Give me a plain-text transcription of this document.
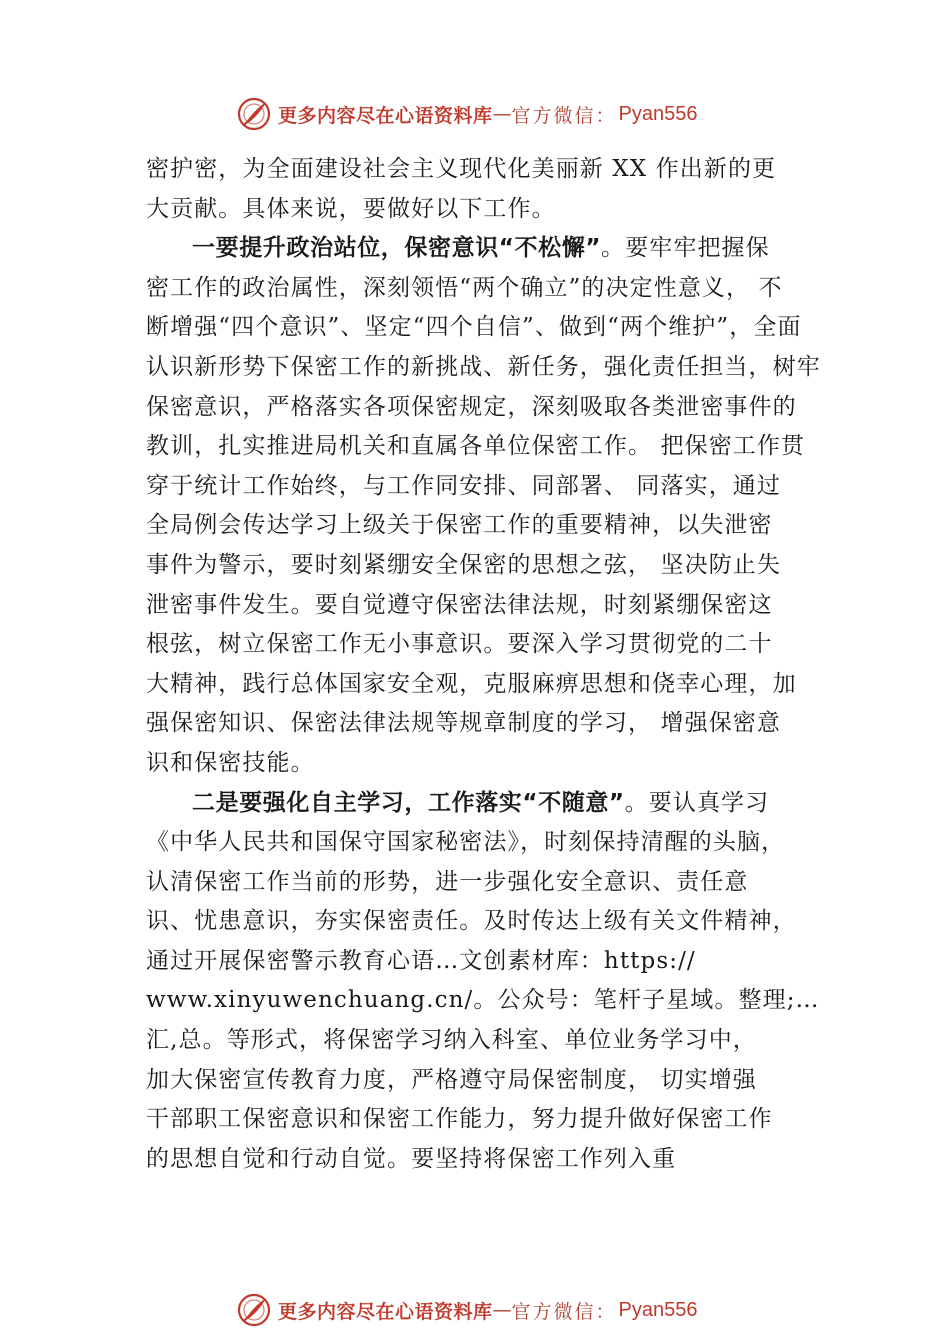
更多内容尽在心语资料库 — 官方微信： Pyan556
密护密，为全面建设社会主义现代化美丽新 XX 作出新的更
大贡献。具体来说，要做好以下工作。
一要提升政治站位，保密意识“不松懈”。要牢牢把握保
密工作的政治属性，深刻领悟“两个确立”的决定性意义， 不
断增强“四个意识”、坚定“四个自信”、做到“两个维护”，全面
认识新形势下保密工作的新挑战、新任务，强化责任担当，树牢
保密意识，严格落实各项保密规定，深刻吸取各类泄密事件的
教训，扎实推进局机关和直属各单位保密工作。 把保密工作贯
穿于统计工作始终，与工作同安排、同部署、 同落实，通过
全局例会传达学习上级关于保密工作的重要精神，以失泄密
事件为警示，要时刻紧绷安全保密的思想之弦， 坚决防止失
泄密事件发生。要自觉遵守保密法律法规，时刻紧绷保密这
根弦，树立保密工作无小事意识。要深入学习贯彻党的二十
大精神，践行总体国家安全观，克服麻痹思想和侥幸心理，加
强保密知识、保密法律法规等规章制度的学习， 增强保密意
识和保密技能。
二是要强化自主学习，工作落实“不随意”。要认真学习
《中华人民共和国保守国家秘密法》，时刻保持清醒的头脑，
认清保密工作当前的形势，进一步强化安全意识、责任意
识、忧患意识，夯实保密责任。及时传达上级有关文件精神，
通过开展保密警示教育心语…文创素材库：https://
www.xinyuwenchuang.cn/。公众号：笔杆子星域。整理;…
汇,总。等形式，将保密学习纳入科室、单位业务学习中，
加大保密宣传教育力度，严格遵守局保密制度， 切实增强
干部职工保密意识和保密工作能力，努力提升做好保密工作
的思想自觉和行动自觉。要坚持将保密工作列入重
更多内容尽在心语资料库 — 官方微信： Pyan556
